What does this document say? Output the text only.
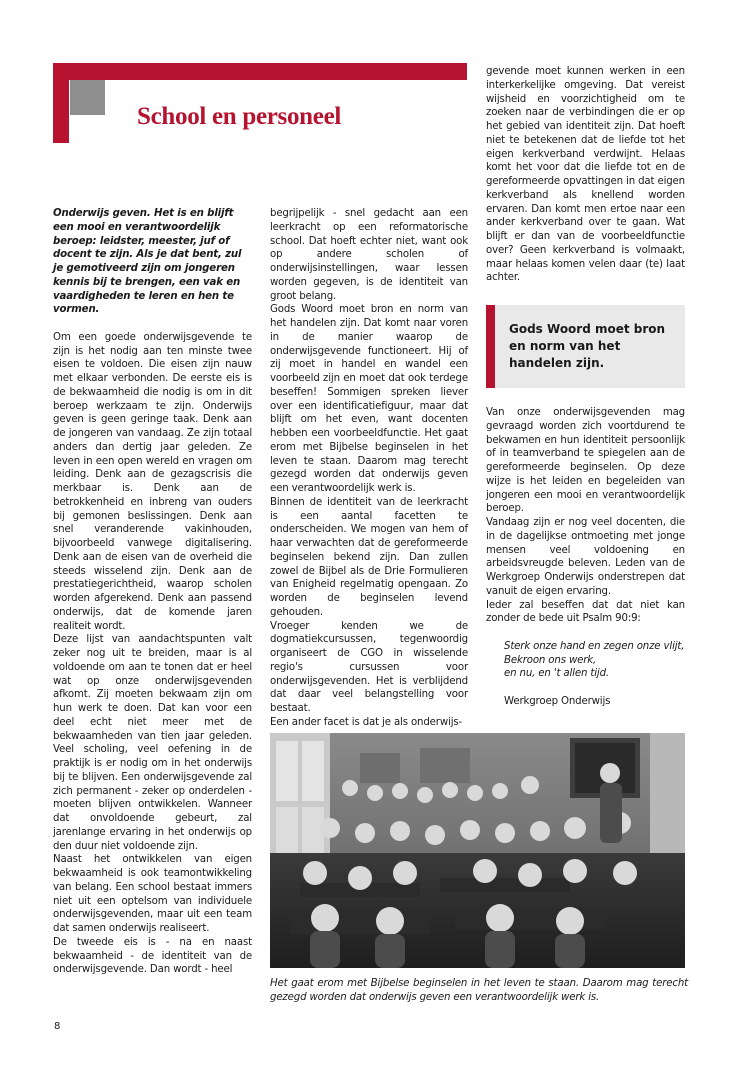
School en personeel

Onderwijs geven. Het is en blijft een mooi en verantwoordelijk beroep: leidster, meester, juf of docent te zijn. Als je dat bent, zul je gemotiveerd zijn om jongeren kennis bij te brengen, een vak en vaardigheden te leren en hen te vormen.

Om een goede onderwijsgevende te zijn is het nodig aan ten minste twee eisen te voldoen. Die eisen zijn nauw met elkaar verbonden. De eerste eis is de bekwaamheid die nodig is om in dit beroep werkzaam te zijn. Onderwijs geven is geen geringe taak. Denk aan de jongeren van vandaag. Ze zijn totaal anders dan dertig jaar geleden. Ze leven in een open wereld en vragen om leiding. Denk aan de gezagscrisis die merkbaar is. Denk aan de betrokkenheid en inbreng van ouders bij gemonen beslissingen. Denk aan snel veranderende vakinhouden, bijvoorbeeld vanwege digitalisering. Denk aan de eisen van de overheid die steeds wisselend zijn. Denk aan de prestatiegerichtheid, waarop scholen worden afgerekend. Denk aan passend onderwijs, dat de komende jaren realiteit wordt.

Deze lijst van aandachtspunten valt zeker nog uit te breiden, maar is al voldoende om aan te tonen dat er heel wat op onze onderwijsgevenden afkomt. Zij moeten bekwaam zijn om hun werk te doen. Dat kan voor een deel echt niet meer met de bekwaamheden van tien jaar geleden. Veel scholing, veel oefening in de praktijk is er nodig om in het onderwijs bij te blijven. Een onderwijsgevende zal zich permanent - zeker op onderdelen - moeten blijven ontwikkelen. Wanneer dat onvoldoende gebeurt, zal jarenlange ervaring in het onderwijs op den duur niet voldoende zijn.

Naast het ontwikkelen van eigen bekwaamheid is ook teamontwikkeling van belang. Een school bestaat immers niet uit een optelsom van individuele onderwijsgevenden, maar uit een team dat samen onderwijs realiseert.

De tweede eis is - na en naast bekwaamheid - de identiteit van de onderwijsgevende. Dan wordt - heel

begrijpelijk - snel gedacht aan een leerkracht op een reformatorische school. Dat hoeft echter niet, want ook op andere scholen of onderwijsinstellingen, waar lessen worden gegeven, is de identiteit van groot belang.

Gods Woord moet bron en norm van het handelen zijn. Dat komt naar voren in de manier waarop de onderwijsgevende functioneert. Hij of zij moet in handel en wandel een voorbeeld zijn en moet dat ook terdege beseffen! Sommigen spreken liever over een identificatiefiguur, maar dat blijft om het even, want docenten hebben een voorbeeldfunctie. Het gaat erom met Bijbelse beginselen in het leven te staan. Daarom mag terecht gezegd worden dat onderwijs geven een verantwoordelijk werk is.

Binnen de identiteit van de leerkracht is een aantal facetten te onderscheiden. We mogen van hem of haar verwachten dat de gereformeerde beginselen bekend zijn. Dan zullen zowel de Bijbel als de Drie Formulieren van Enigheid regelmatig opengaan. Zo worden de beginselen levend gehouden.

Vroeger kenden we de dogmatiekcursussen, tegenwoordig organiseert de CGO in wisselende regio's cursussen voor onderwijsgevenden. Het is verblijdend dat daar veel belangstelling voor bestaat.

Een ander facet is dat je als onderwijs-

gevende moet kunnen werken in een interkerkelijke omgeving. Dat vereist wijsheid en voorzichtigheid om te zoeken naar de verbindingen die er op het gebied van identiteit zijn. Dat hoeft niet te betekenen dat de liefde tot het eigen kerkverband verdwijnt. Helaas komt het voor dat die liefde tot en de gereformeerde opvattingen in dat eigen kerkverband als knellend worden ervaren. Dan komt men ertoe naar een ander kerkverband over te gaan. Wat blijft er dan van de voorbeeldfunctie over? Geen kerkverband is volmaakt, maar helaas komen velen daar (te) laat achter.

Gods Woord moet bron en norm van het handelen zijn.

Van onze onderwijsgevenden mag gevraagd worden zich voortdurend te bekwamen en hun identiteit persoonlijk of in teamverband te spiegelen aan de gereformeerde beginselen. Op deze wijze is het leiden en begeleiden van jongeren een mooi en verantwoordelijk beroep.

Vandaag zijn er nog veel docenten, die in de dagelijkse ontmoeting met jonge mensen veel voldoening en arbeidsvreugde beleven. Leden van de Werkgroep Onderwijs onderstrepen dat vanuit de eigen ervaring.

Ieder zal beseffen dat dat niet kan zonder de bede uit Psalm 90:9:

Sterk onze hand en zegen onze vlijt,
Bekroon ons werk,
en nu, en 't allen tijd.
Werkgroep Onderwijs
Het gaat erom met Bijbelse beginselen in het leven te staan. Daarom mag terecht gezegd worden dat onderwijs geven een verantwoordelijk werk is.
8
